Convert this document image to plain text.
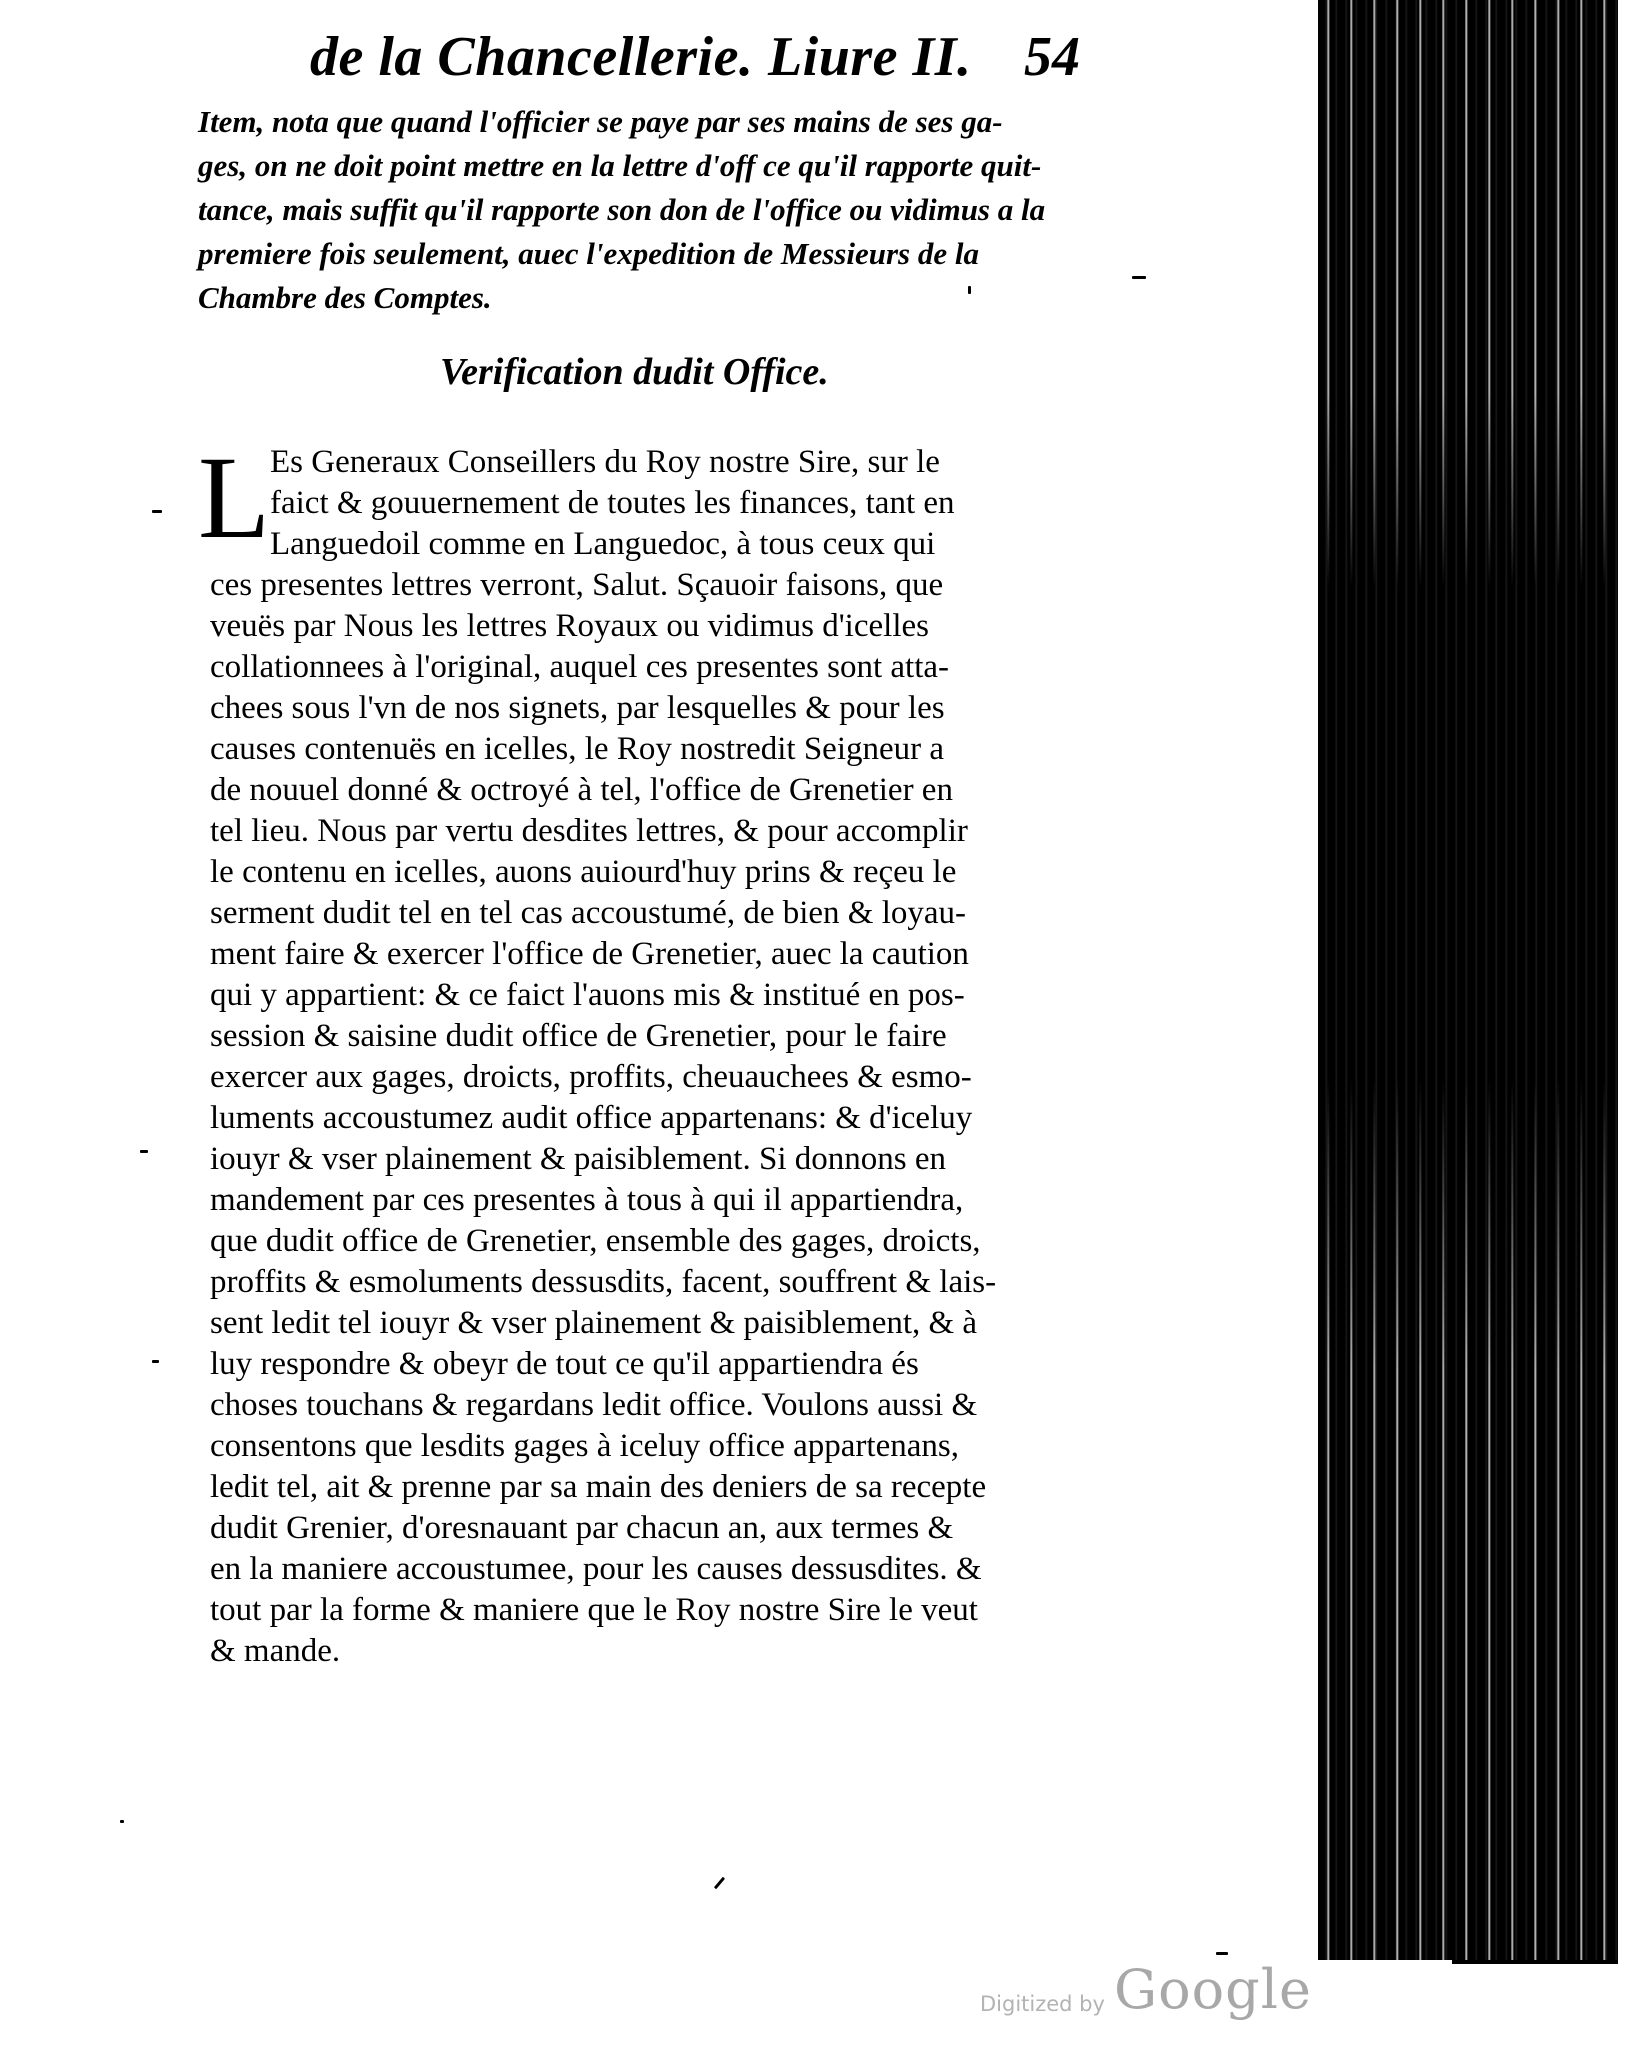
de la Chancellerie. Liure II. 54
Item, nota que quand l'officier se paye par ses mains de ses ga-
ges, on ne doit point mettre en la lettre d'off ce qu'il rapporte quit-
tance, mais suffit qu'il rapporte son don de l'office ou vidimus a la
premiere fois seulement, auec l'expedition de Messieurs de la
Chambre des Comptes.
Verification dudit Office.
L Es Generaux Conseillers du Roy nostre Sire, sur le
faict & gouuernement de toutes les finances, tant en
Languedoil comme en Languedoc, à tous ceux qui
ces presentes lettres verront, Salut. Sçauoir faisons, que
veuës par Nous les lettres Royaux ou vidimus d'icelles
collationnees à l'original, auquel ces presentes sont atta-
chees sous l'vn de nos signets, par lesquelles & pour les
causes contenuës en icelles, le Roy nostredit Seigneur a
de nouuel donné & octroyé à tel, l'office de Grenetier en
tel lieu. Nous par vertu desdites lettres, & pour accomplir
le contenu en icelles, auons auiourd'huy prins & reçeu le
serment dudit tel en tel cas accoustumé, de bien & loyau-
ment faire & exercer l'office de Grenetier, auec la caution
qui y appartient: & ce faict l'auons mis & institué en pos-
session & saisine dudit office de Grenetier, pour le faire
exercer aux gages, droicts, proffits, cheuauchees & esmo-
luments accoustumez audit office appartenans: & d'iceluy
iouyr & vser plainement & paisiblement. Si donnons en
mandement par ces presentes à tous à qui il appartiendra,
que dudit office de Grenetier, ensemble des gages, droicts,
proffits & esmoluments dessusdits, facent, souffrent & lais-
sent ledit tel iouyr & vser plainement & paisiblement, & à
luy respondre & obeyr de tout ce qu'il appartiendra és
choses touchans & regardans ledit office. Voulons aussi &
consentons que lesdits gages à iceluy office appartenans,
ledit tel, ait & prenne par sa main des deniers de sa recepte
dudit Grenier, d'oresnauant par chacun an, aux termes &
en la maniere accoustumee, pour les causes dessusdites. &
tout par la forme & maniere que le Roy nostre Sire le veut
& mande.
Digitized by Google
